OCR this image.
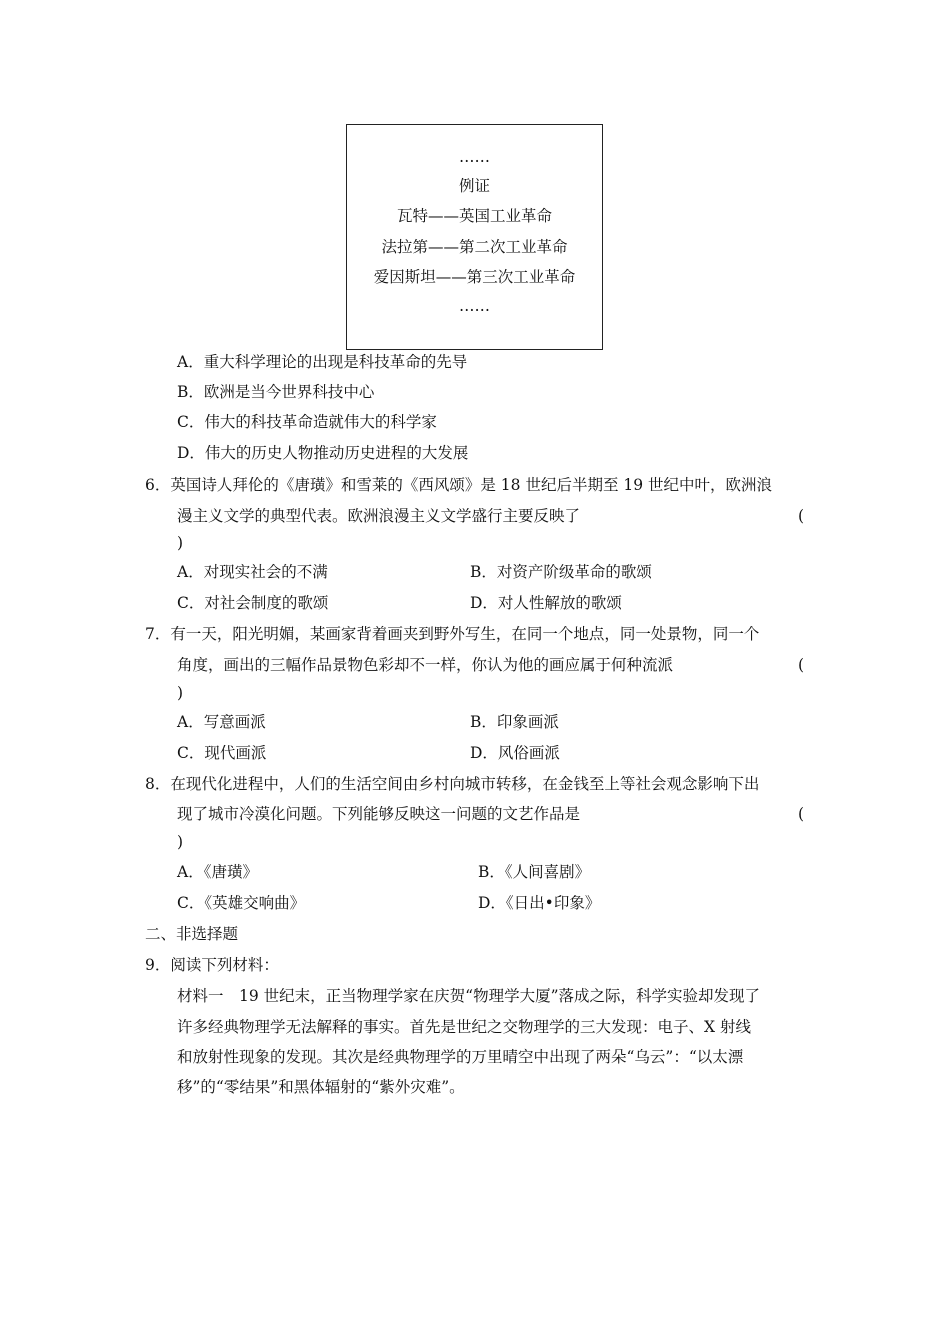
……
例证
瓦特——英国工业革命
法拉第——第二次工业革命
爱因斯坦——第三次工业革命
……
A．重大科学理论的出现是科技革命的先导
B．欧洲是当今世界科技中心
C．伟大的科技革命造就伟大的科学家
D．伟大的历史人物推动历史进程的大发展
6．英国诗人拜伦的《唐璜》和雪莱的《西风颂》是 18 世纪后半期至 19 世纪中叶，欧洲浪
漫主义文学的典型代表。欧洲浪漫主义文学盛行主要反映了	(
)
A．对现实社会的不满	B．对资产阶级革命的歌颂
C．对社会制度的歌颂	D．对人性解放的歌颂
7．有一天，阳光明媚，某画家背着画夹到野外写生，在同一个地点，同一处景物，同一个
角度，画出的三幅作品景物色彩却不一样，你认为他的画应属于何种流派	(
)
A．写意画派	B．印象画派
C．现代画派	D．风俗画派
8．在现代化进程中，人们的生活空间由乡村向城市转移，在金钱至上等社会观念影响下出
现了城市冷漠化问题。下列能够反映这一问题的文艺作品是	(
)
A．《唐璜》	B．《人间喜剧》
C．《英雄交响曲》	D．《日出•印象》
二、非选择题
9．阅读下列材料：
材料一　19 世纪末，正当物理学家在庆贺“物理学大厦”落成之际，科学实验却发现了
许多经典物理学无法解释的事实。首先是世纪之交物理学的三大发现：电子、X 射线
和放射性现象的发现。其次是经典物理学的万里晴空中出现了两朵“乌云”：“以太漂
移”的“零结果”和黑体辐射的“紫外灾难”。
